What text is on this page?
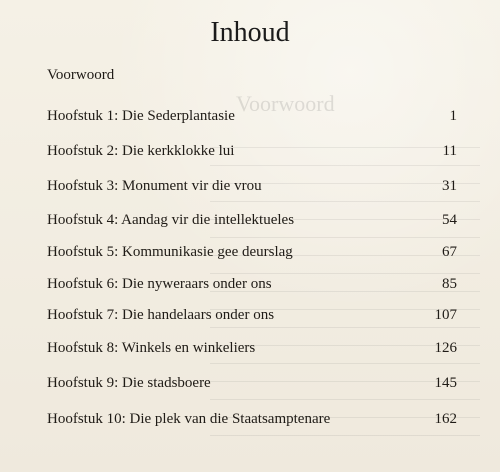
Voorwoord
Inhoud
Voorwoord
Hoofstuk 1: Die Sederplantasie	1
Hoofstuk 2: Die kerkklokke lui	11
Hoofstuk 3: Monument vir die vrou	31
Hoofstuk 4: Aandag vir die intellektueles	54
Hoofstuk 5: Kommunikasie gee deurslag	67
Hoofstuk 6: Die nyweraars onder ons	85
Hoofstuk 7: Die handelaars onder ons	107
Hoofstuk 8: Winkels en winkeliers	126
Hoofstuk 9: Die stadsboere	145
Hoofstuk 10: Die plek van die Staatsamptenare	162
